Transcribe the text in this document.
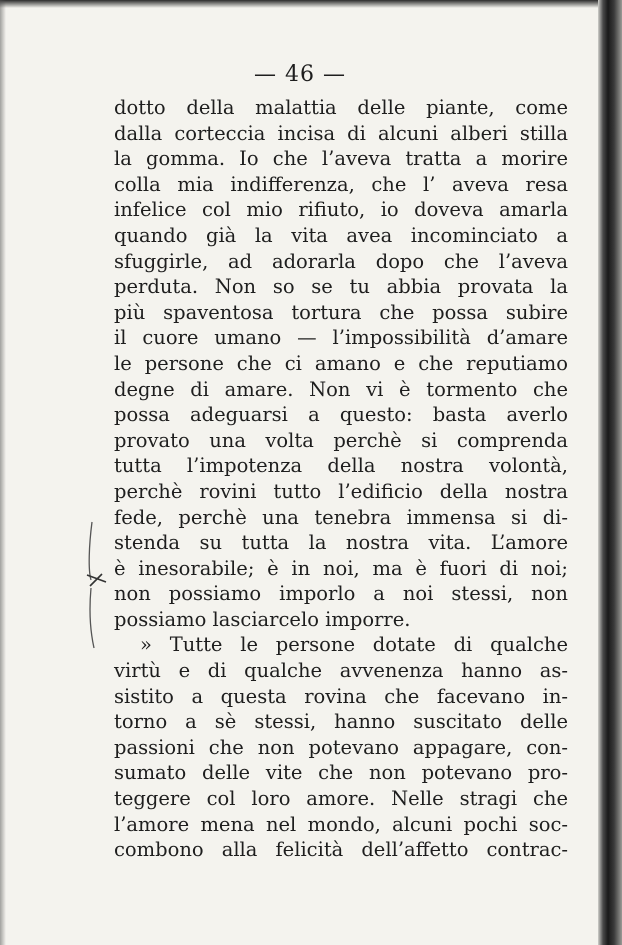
— 46 —
dotto della malattia delle piante, come
dalla corteccia incisa di alcuni alberi stilla
la gomma. Io che l’aveva tratta a morire
colla mia indifferenza, che l’ aveva resa
infelice col mio rifiuto, io doveva amarla
quando già la vita avea incominciato a
sfuggirle, ad adorarla dopo che l’aveva
perduta. Non so se tu abbia provata la
più spaventosa tortura che possa subire
il cuore umano — l’impossibilità d’amare
le persone che ci amano e che reputiamo
degne di amare. Non vi è tormento che
possa adeguarsi a questo: basta averlo
provato una volta perchè si comprenda
tutta l’impotenza della nostra volontà,
perchè rovini tutto l’edificio della nostra
fede, perchè una tenebra immensa si di-
stenda su tutta la nostra vita. L’amore
è inesorabile; è in noi, ma è fuori di noi;
non possiamo imporlo a noi stessi, non
possiamo lasciarcelo imporre.
» Tutte le persone dotate di qualche
virtù e di qualche avvenenza hanno as-
sistito a questa rovina che facevano in-
torno a sè stessi, hanno suscitato delle
passioni che non potevano appagare, con-
sumato delle vite che non potevano pro-
teggere col loro amore. Nelle stragi che
l’amore mena nel mondo, alcuni pochi soc-
combono alla felicità dell’affetto contrac-
